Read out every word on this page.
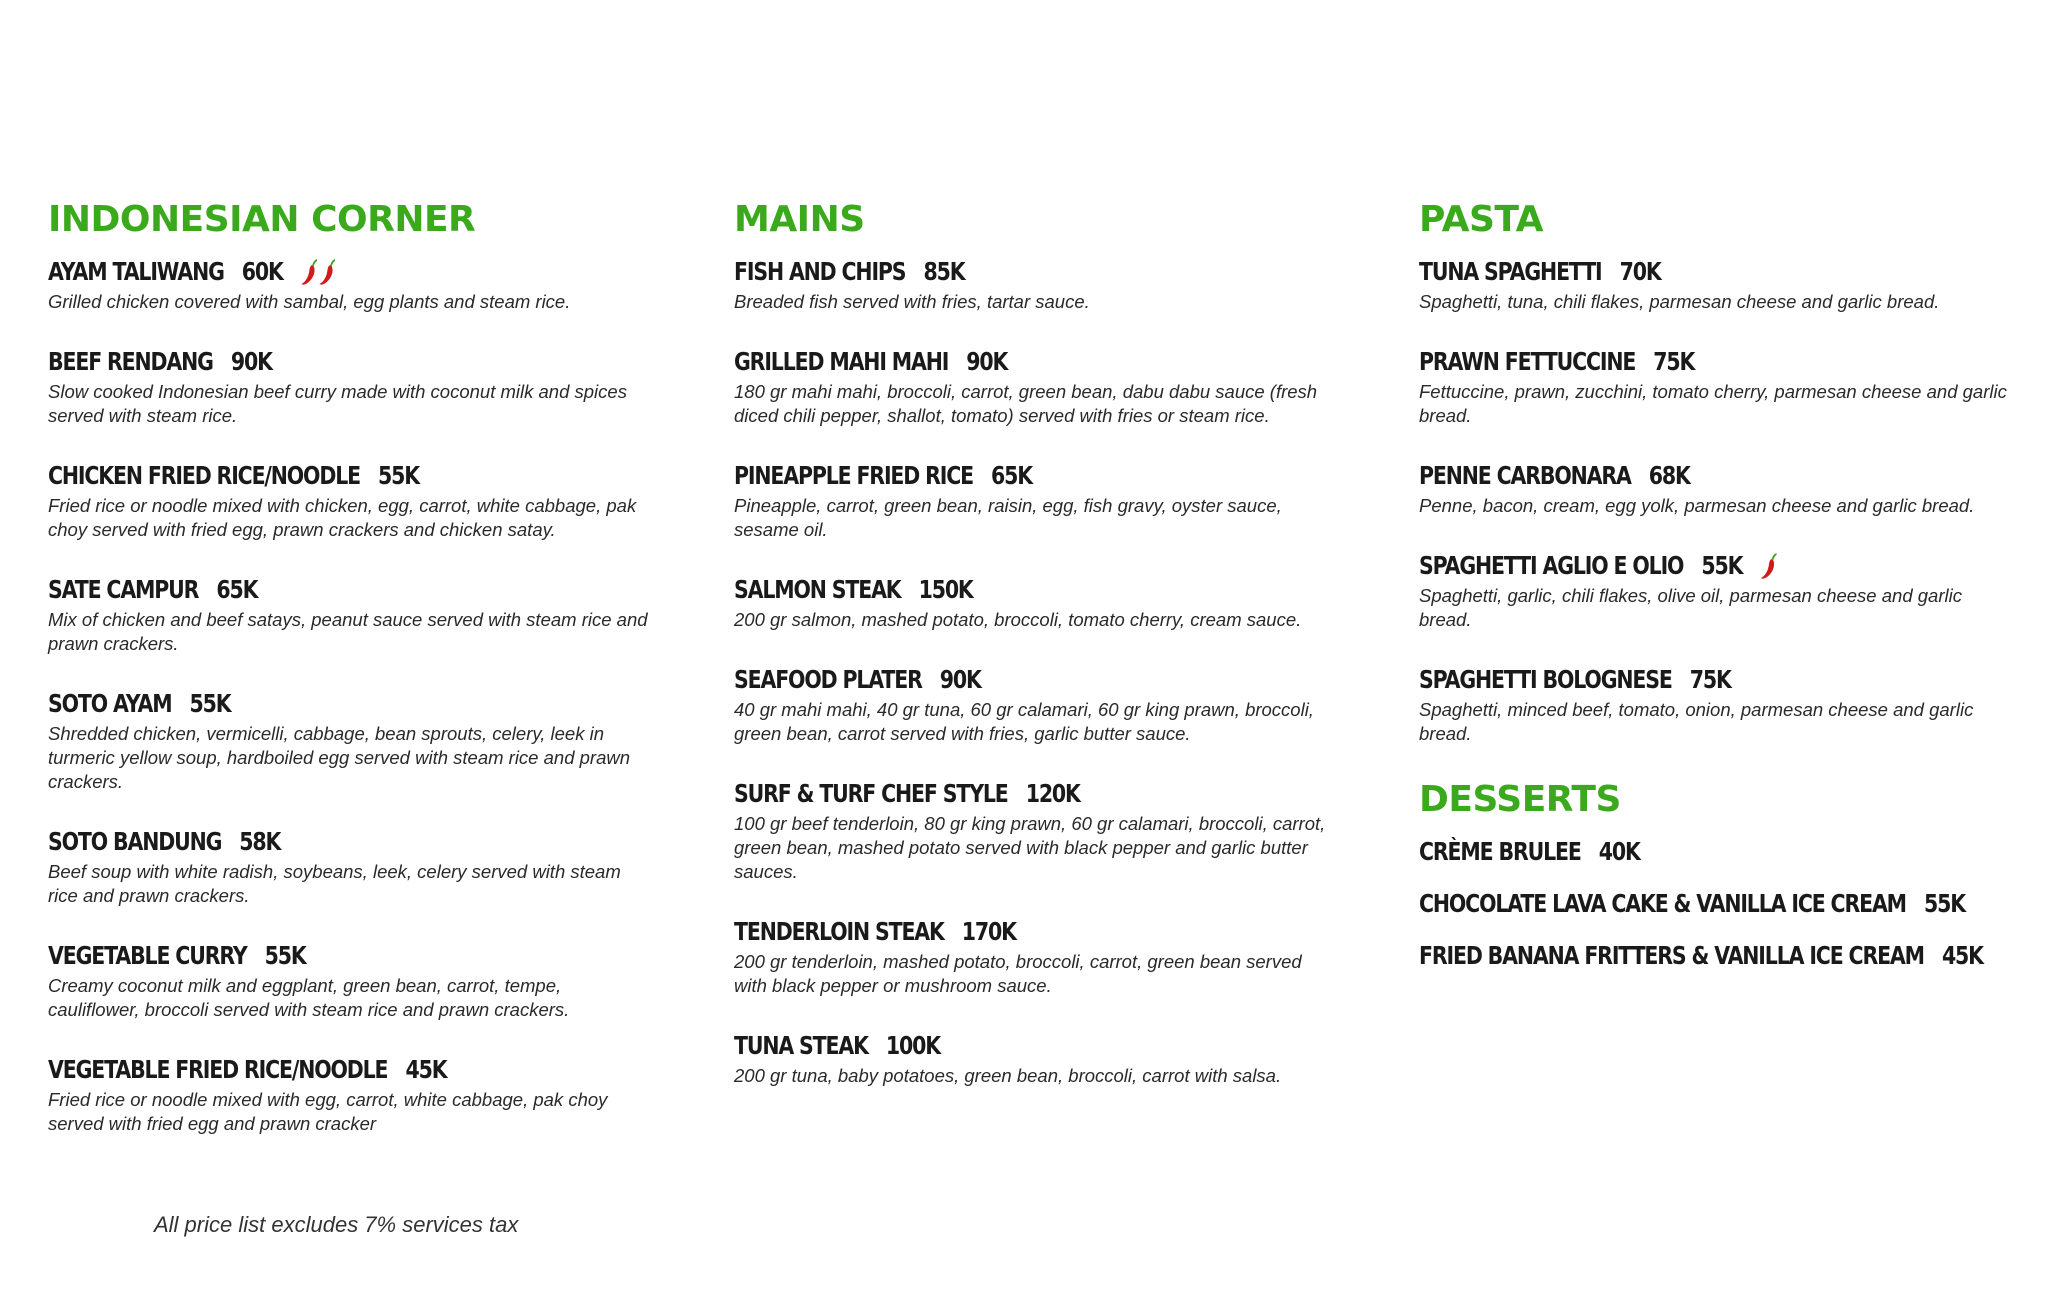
INDONESIAN CORNER
AYAM TALIWANG 60K
Grilled chicken covered with sambal, egg plants and steam rice.
BEEF RENDANG 90K
Slow cooked Indonesian beef curry made with coconut milk and spices served with steam rice.
CHICKEN FRIED RICE/NOODLE 55K
Fried rice or noodle mixed with chicken, egg, carrot, white cabbage, pak choy served with fried egg, prawn crackers and chicken satay.
SATE CAMPUR 65K
Mix of chicken and beef satays, peanut sauce served with steam rice and prawn crackers.
SOTO AYAM 55K
Shredded chicken, vermicelli, cabbage, bean sprouts, celery, leek in turmeric yellow soup, hardboiled egg served with steam rice and prawn crackers.
SOTO BANDUNG 58K
Beef soup with white radish, soybeans, leek, celery served with steam rice and prawn crackers.
VEGETABLE CURRY 55K
Creamy coconut milk and eggplant, green bean, carrot, tempe, cauliflower, broccoli served with steam rice and prawn crackers.
VEGETABLE FRIED RICE/NOODLE 45K
Fried rice or noodle mixed with egg, carrot, white cabbage, pak choy served with fried egg and prawn cracker
MAINS
FISH AND CHIPS 85K
Breaded fish served with fries, tartar sauce.
GRILLED MAHI MAHI 90K
180 gr mahi mahi, broccoli, carrot, green bean, dabu dabu sauce (fresh diced chili pepper, shallot, tomato) served with fries or steam rice.
PINEAPPLE FRIED RICE 65K
Pineapple, carrot, green bean, raisin, egg, fish gravy, oyster sauce, sesame oil.
SALMON STEAK 150K
200 gr salmon, mashed potato, broccoli, tomato cherry, cream sauce.
SEAFOOD PLATER 90K
40 gr mahi mahi, 40 gr tuna, 60 gr calamari, 60 gr king prawn, broccoli, green bean, carrot served with fries, garlic butter sauce.
SURF & TURF CHEF STYLE 120K
100 gr beef tenderloin, 80 gr king prawn, 60 gr calamari, broccoli, carrot, green bean, mashed potato served with black pepper and garlic butter sauces.
TENDERLOIN STEAK 170K
200 gr tenderloin, mashed potato, broccoli, carrot, green bean served with black pepper or mushroom sauce.
TUNA STEAK 100K
200 gr tuna, baby potatoes, green bean, broccoli, carrot with salsa.
PASTA
TUNA SPAGHETTI 70K
Spaghetti, tuna, chili flakes, parmesan cheese and garlic bread.
PRAWN FETTUCCINE 75K
Fettuccine, prawn, zucchini, tomato cherry, parmesan cheese and garlic bread.
PENNE CARBONARA 68K
Penne, bacon, cream, egg yolk, parmesan cheese and garlic bread.
SPAGHETTI AGLIO E OLIO 55K
Spaghetti, garlic, chili flakes, olive oil, parmesan cheese and garlic bread.
SPAGHETTI BOLOGNESE 75K
Spaghetti, minced beef, tomato, onion, parmesan cheese and garlic bread.
DESSERTS
CRÈME BRULEE 40K
CHOCOLATE LAVA CAKE & VANILLA ICE CREAM 55K
FRIED BANANA FRITTERS & VANILLA ICE CREAM 45K
All price list excludes 7% services tax
